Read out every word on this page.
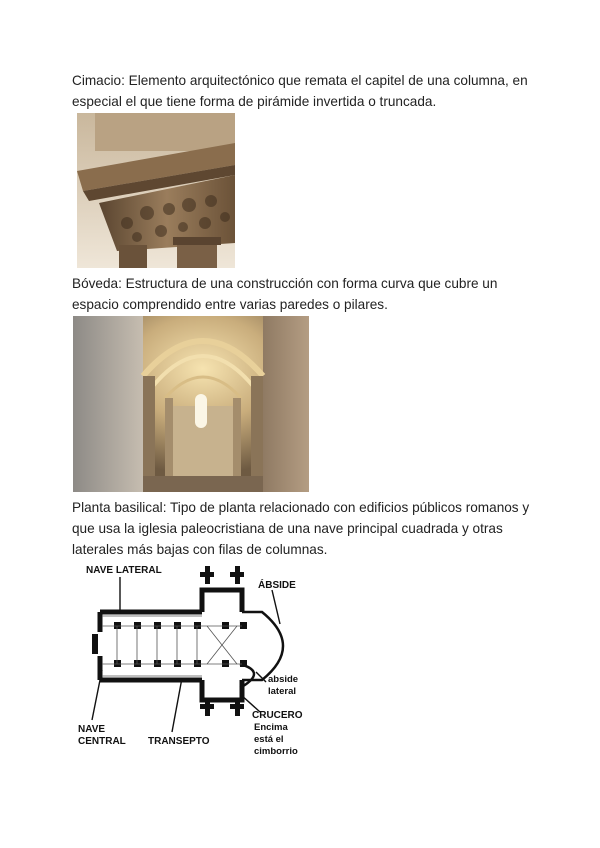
Cimacio: Elemento arquitectónico que remata el capitel de una columna, en especial el que tiene forma de pirámide invertida o truncada.

Bóveda: Estructura de una construcción con forma curva que cubre un espacio comprendido entre varias paredes o pilares.

Planta basilical: Tipo de planta relacionado con edificios públicos romanos y que usa la iglesia paleocristiana de una nave principal cuadrada y otras laterales más bajas con filas de columnas.

NAVE LATERAL
ÁBSIDE
abside
lateral
CRUCERO
Encima
está el
cimborrio
NAVE
CENTRAL TRANSEPTO
